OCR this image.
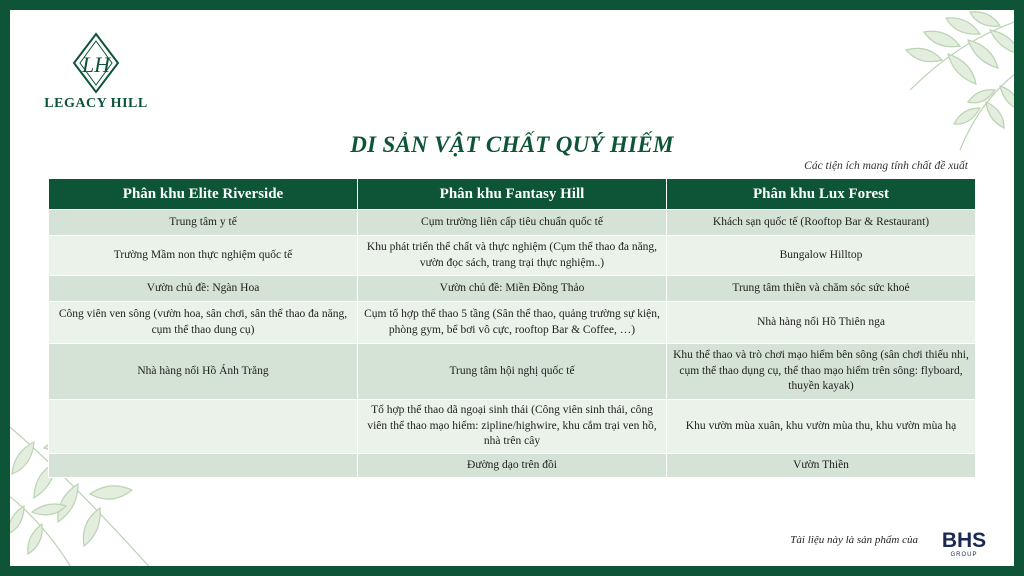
LH
LEGACY HILL
DI SẢN VẬT CHẤT QUÝ HIẾM
Các tiện ích mang tính chất đề xuất
Phân khu Elite Riverside	Phân khu Fantasy Hill	Phân khu Lux Forest
Trung tâm y tế	Cụm trường liên cấp tiêu chuẩn quốc tế	Khách sạn quốc tế (Rooftop Bar & Restaurant)
Trường Mầm non thực nghiệm quốc tế	Khu phát triển thể chất và thực nghiệm (Cụm thể thao đa năng, vườn đọc sách, trang trại thực nghiệm..)	Bungalow Hilltop
Vườn chủ đề: Ngàn Hoa	Vườn chủ đề: Miền Đồng Thảo	Trung tâm thiền và chăm sóc sức khoẻ
Công viên ven sông (vườn hoa, sân chơi, sân thể thao đa năng, cụm thể thao dung cụ)	Cụm tổ hợp thể thao 5 tầng (Sân thể thao, quảng trường sự kiện, phòng gym, bể bơi vô cực, rooftop Bar & Coffee, …)	Nhà hàng nổi Hồ Thiên nga
Nhà hàng nổi Hồ Ánh Trăng	Trung tâm hội nghị quốc tế	Khu thể thao và trò chơi mạo hiểm bên sông (sân chơi thiếu nhi, cụm thể thao dụng cụ, thể thao mạo hiểm trên sông: flyboard, thuyền kayak)
	Tổ hợp thể thao dã ngoại sinh thái (Công viên sinh thái, công viên thể thao mạo hiểm: zipline/highwire, khu cắm trại ven hồ, nhà trên cây	Khu vườn mùa xuân, khu vườn mùa thu, khu vườn mùa hạ
	Đường dạo trên đồi	Vườn Thiền
Tài liệu này là sản phẩm của	BHS
GROUP
